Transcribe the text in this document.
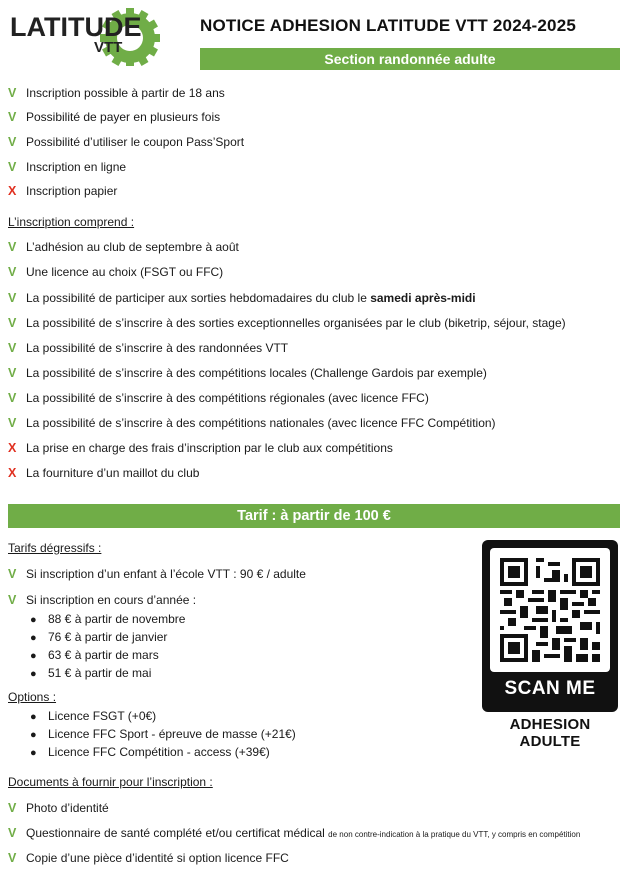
LATITUDE
VTT
NOTICE ADHESION LATITUDE VTT 2024-2025
Section randonnée adulte
V Inscription possible à partir de 18 ans
V Possibilité de payer en plusieurs fois
V Possibilité d’utiliser le coupon Pass’Sport
V Inscription en ligne
X Inscription papier
L’inscription comprend :
V L’adhésion au club de septembre à août
V Une licence au choix (FSGT ou FFC)
V La possibilité de participer aux sorties hebdomadaires du club le samedi après-midi
V La possibilité de s’inscrire à des sorties exceptionnelles organisées par le club (biketrip, séjour, stage)
V La possibilité de s’inscrire à des randonnées VTT
V La possibilité de s’inscrire à des compétitions locales (Challenge Gardois par exemple)
V La possibilité de s’inscrire à des compétitions régionales (avec licence FFC)
V La possibilité de s’inscrire à des compétitions nationales (avec licence FFC Compétition)
X La prise en charge des frais d’inscription par le club aux compétitions
X La fourniture d’un maillot du club
Tarif : à partir de 100 €
Tarifs dégressifs :
V Si inscription d’un enfant à l’école VTT : 90 € / adulte
V Si inscription en cours d’année :
● 88 € à partir de novembre
● 76 € à partir de janvier
● 63 € à partir de mars
● 51 € à partir de mai
Options :
● Licence FSGT (+0€)
● Licence FFC Sport - épreuve de masse (+21€)
● Licence FFC Compétition - access (+39€)
Documents à fournir pour l’inscription :
V Photo d’identité
V Questionnaire de santé complété et/ou certificat médical de non contre-indication à la pratique du VTT, y compris en compétition
V Copie d’une pièce d’identité si option licence FFC
SCAN ME
ADHESION ADULTE
